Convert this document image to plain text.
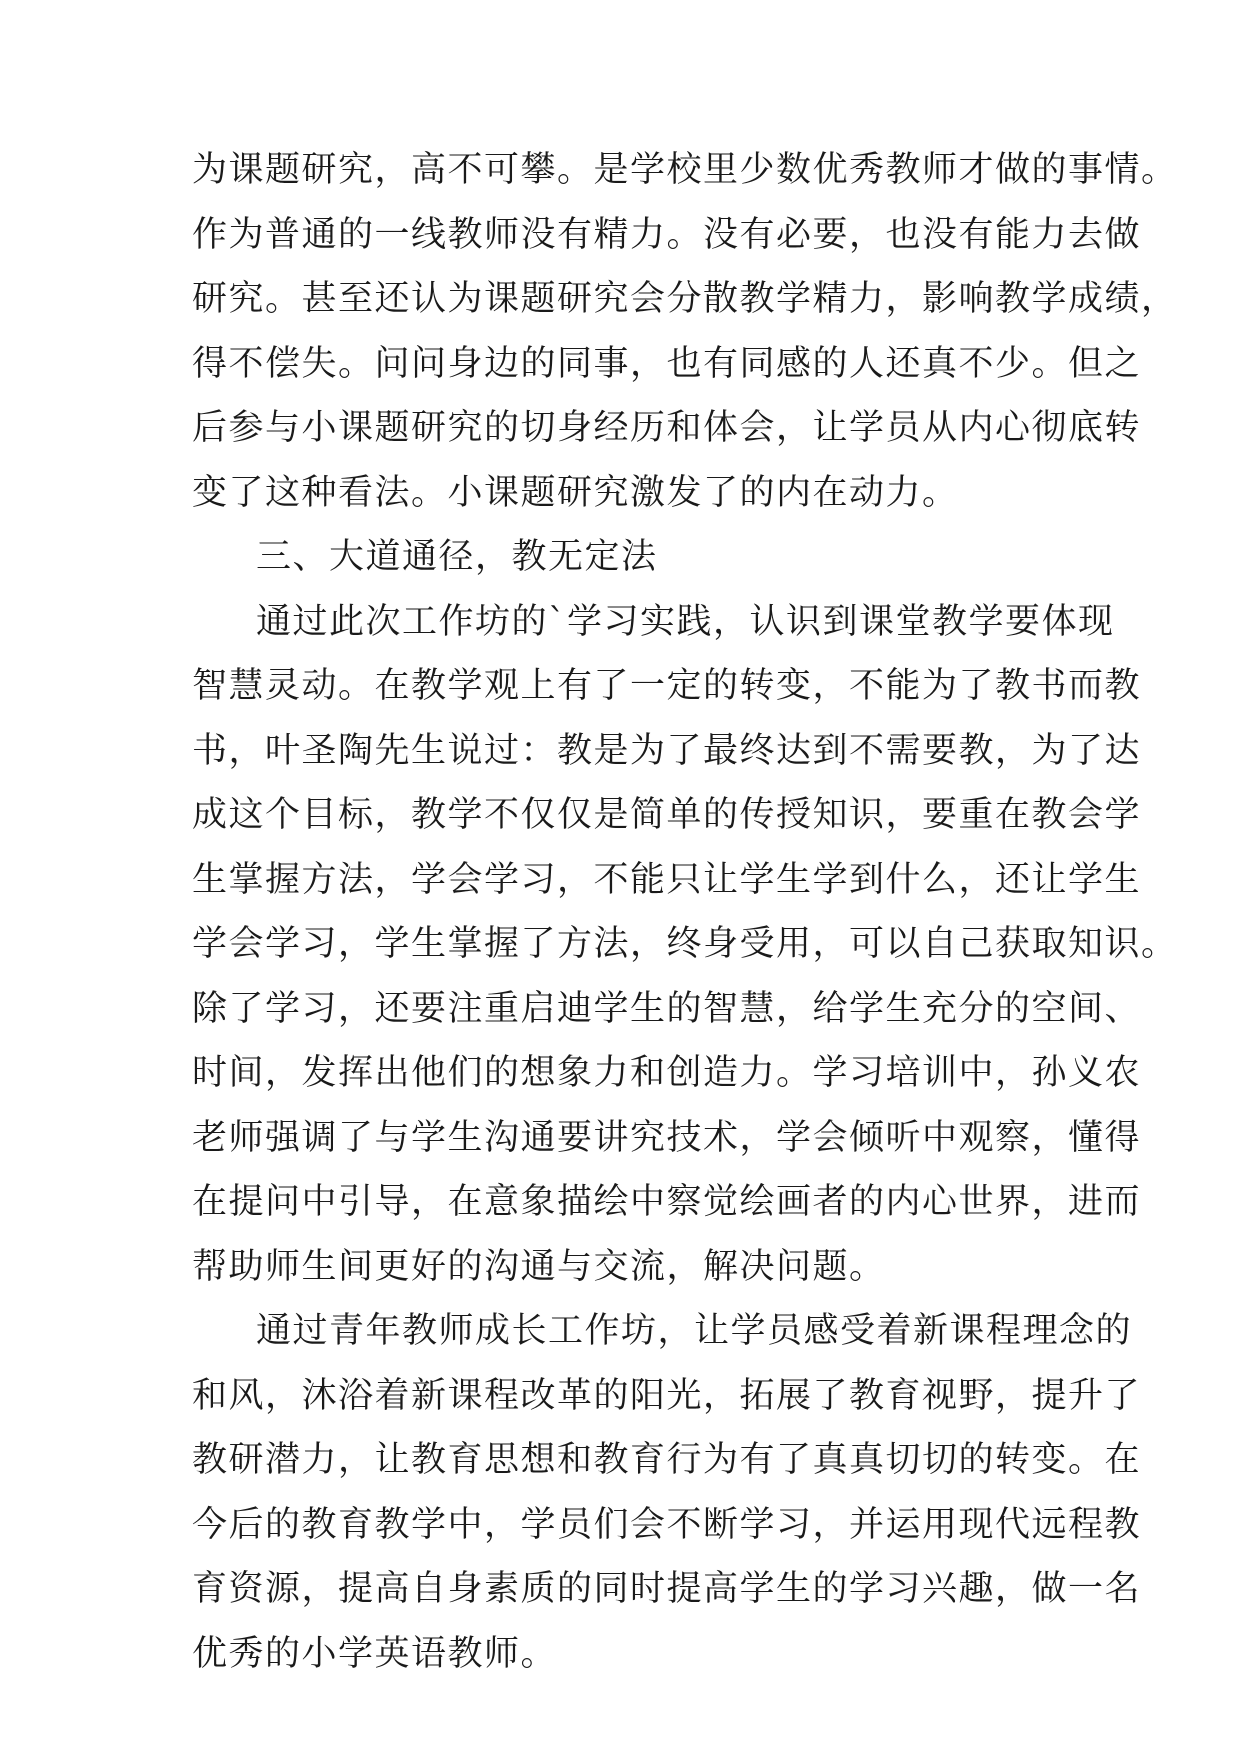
为课题研究，高不可攀。是学校里少数优秀教师才做的事情。
作为普通的一线教师没有精力。没有必要，也没有能力去做
研究。甚至还认为课题研究会分散教学精力，影响教学成绩，
得不偿失。问问身边的同事，也有同感的人还真不少。但之
后参与小课题研究的切身经历和体会，让学员从内心彻底转
变了这种看法。小课题研究激发了的内在动力。
三、大道通径，教无定法
通过此次工作坊的`学习实践，认识到课堂教学要体现
智慧灵动。在教学观上有了一定的转变，不能为了教书而教
书，叶圣陶先生说过：教是为了最终达到不需要教，为了达
成这个目标，教学不仅仅是简单的传授知识，要重在教会学
生掌握方法，学会学习，不能只让学生学到什么，还让学生
学会学习，学生掌握了方法，终身受用，可以自己获取知识。
除了学习，还要注重启迪学生的智慧，给学生充分的空间、
时间，发挥出他们的想象力和创造力。学习培训中，孙义农
老师强调了与学生沟通要讲究技术，学会倾听中观察，懂得
在提问中引导，在意象描绘中察觉绘画者的内心世界，进而
帮助师生间更好的沟通与交流，解决问题。
通过青年教师成长工作坊，让学员感受着新课程理念的
和风，沐浴着新课程改革的阳光，拓展了教育视野，提升了
教研潜力，让教育思想和教育行为有了真真切切的转变。在
今后的教育教学中，学员们会不断学习，并运用现代远程教
育资源，提高自身素质的同时提高学生的学习兴趣，做一名
优秀的小学英语教师。
